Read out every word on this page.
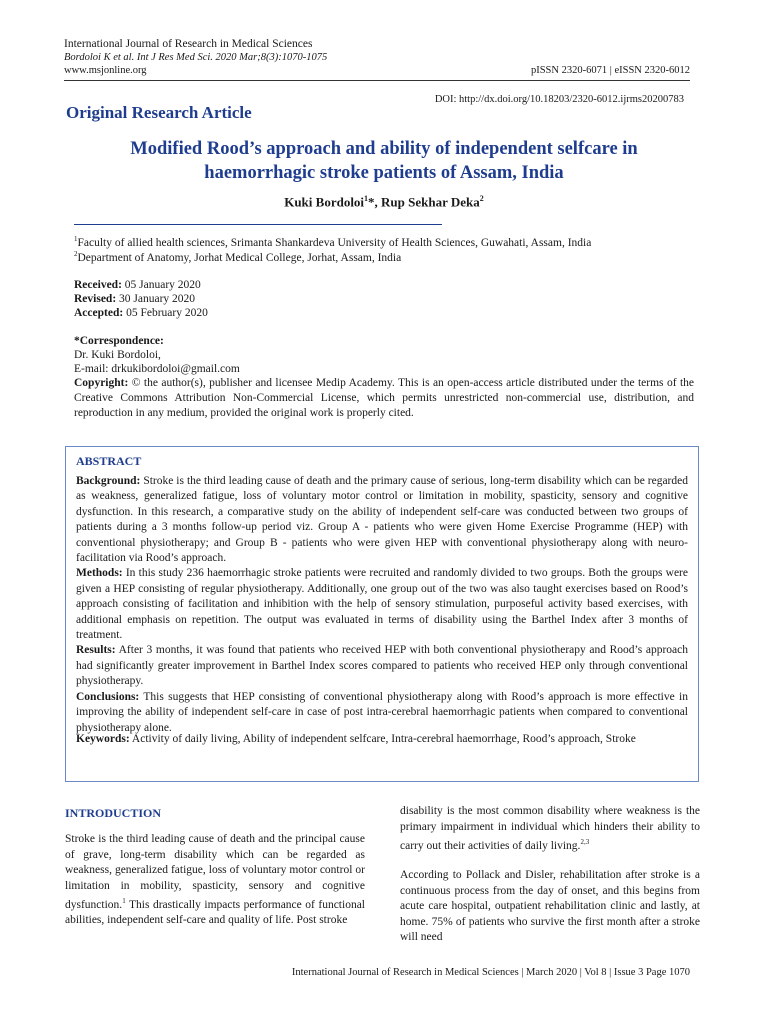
International Journal of Research in Medical Sciences
Bordoloi K et al. Int J Res Med Sci. 2020 Mar;8(3):1070-1075
www.msjonline.org	pISSN 2320-6071 | eISSN 2320-6012
DOI: http://dx.doi.org/10.18203/2320-6012.ijrms20200783
Original Research Article
Modified Rood’s approach and ability of independent selfcare in
haemorrhagic stroke patients of Assam, India
Kuki Bordoloi$^1$*, Rup Sekhar Deka$^2$
$^1$Faculty of allied health sciences, Srimanta Shankardeva University of Health Sciences, Guwahati, Assam, India
$^2$Department of Anatomy, Jorhat Medical College, Jorhat, Assam, India
Received: 05 January 2020
Revised: 30 January 2020
Accepted: 05 February 2020
*Correspondence:
Dr. Kuki Bordoloi,
E-mail: drkukibordoloi@gmail.com
Copyright: © the author(s), publisher and licensee Medip Academy. This is an open-access article distributed under the terms of the Creative Commons Attribution Non-Commercial License, which permits unrestricted non-commercial use, distribution, and reproduction in any medium, provided the original work is properly cited.
ABSTRACT

Background: Stroke is the third leading cause of death and the primary cause of serious, long-term disability which can be regarded as weakness, generalized fatigue, loss of voluntary motor control or limitation in mobility, spasticity, sensory and cognitive dysfunction. In this research, a comparative study on the ability of independent self-care was conducted between two groups of patients during a 3 months follow-up period viz. Group A - patients who were given Home Exercise Programme (HEP) with conventional physiotherapy; and Group B - patients who were given HEP with conventional physiotherapy along with neuro-facilitation via Rood’s approach.

Methods: In this study 236 haemorrhagic stroke patients were recruited and randomly divided to two groups. Both the groups were given a HEP consisting of regular physiotherapy. Additionally, one group out of the two was also taught exercises based on Rood’s approach consisting of facilitation and inhibition with the help of sensory stimulation, purposeful activity based exercises, with additional emphasis on repetition. The output was evaluated in terms of disability using the Barthel Index after 3 months of treatment.

Results: After 3 months, it was found that patients who received HEP with both conventional physiotherapy and Rood’s approach had significantly greater improvement in Barthel Index scores compared to patients who received HEP only through conventional physiotherapy.

Conclusions: This suggests that HEP consisting of conventional physiotherapy along with Rood’s approach is more effective in improving the ability of independent self-care in case of post intra-cerebral haemorrhagic patients when compared to conventional physiotherapy alone.

Keywords: Activity of daily living, Ability of independent selfcare, Intra-cerebral haemorrhage, Rood’s approach, Stroke
INTRODUCTION

Stroke is the third leading cause of death and the principal cause of grave, long-term disability which can be regarded as weakness, generalized fatigue, loss of voluntary motor control or limitation in mobility, spasticity, sensory and cognitive dysfunction.$^1$ This drastically impacts performance of functional abilities, independent self-care and quality of life. Post stroke

disability is the most common disability where weakness is the primary impairment in individual which hinders their ability to carry out their activities of daily living.$^{2,3}$

According to Pollack and Disler, rehabilitation after stroke is a continuous process from the day of onset, and this begins from acute care hospital, outpatient rehabilitation clinic and lastly, at home. 75% of patients who survive the first month after a stroke will need

International Journal of Research in Medical Sciences | March 2020 | Vol 8 | Issue 3 Page 1070
